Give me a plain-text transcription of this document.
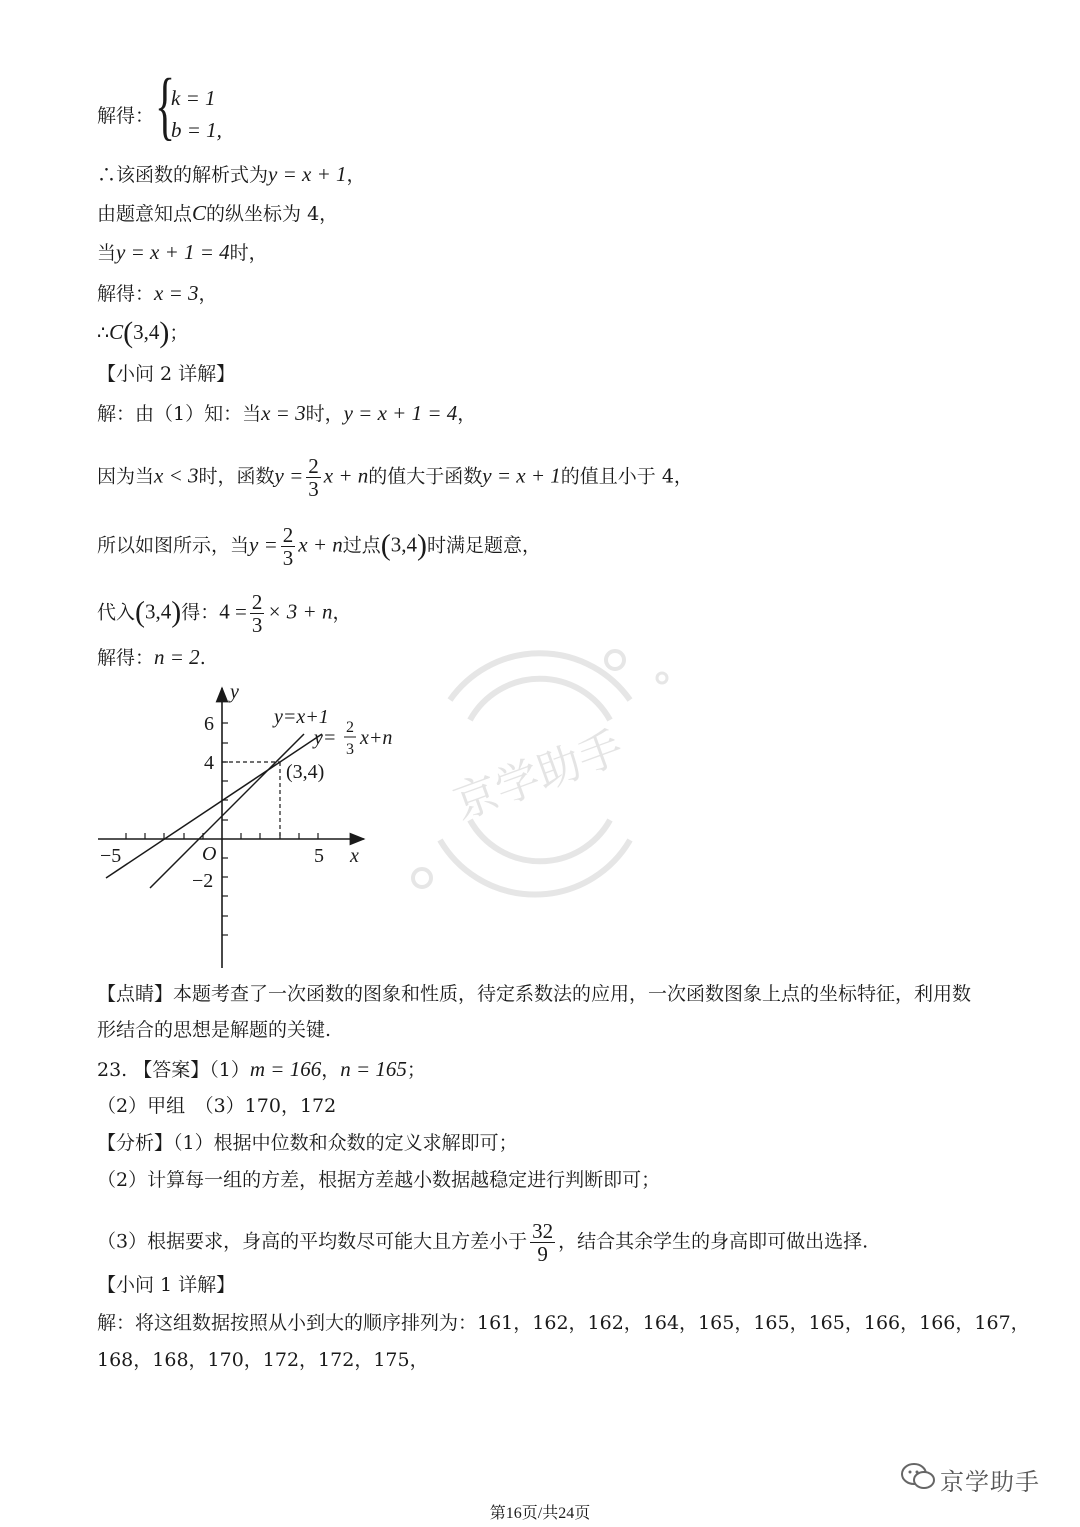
解得： {
k = 1
b = 1,
∴该函数的解析式为y = x + 1，
由题意知点C的纵坐标为 4，
当y = x + 1 = 4时，
解得：x = 3，
∴C(3,4)；
【小问 2 详解】
解：由（1）知：当x = 3时，y = x + 1 = 4，
因为当x < 3时，函数$y = \frac{2}{3}$ x + n的值大于函数y = x + 1的值且小于 4，
所以如图所示，当$y = \frac{2}{3}$ x + n过点(3,4)时满足题意，
代入(3,4)得：$4 = \frac{2}{3} \times 3 + n$，
解得：n = 2.
y
x
O
6
4
−2
−5	5
y=x+1
y= 2
3
x+n
(3,4)	京学助手
【点睛】本题考查了一次函数的图象和性质，待定系数法的应用，一次函数图象上点的坐标特征，利用数
形结合的思想是解题的关键.
23. 【答案】（1）m = 166，n = 165；
（2）甲组　（3）170，172
【分析】（1）根据中位数和众数的定义求解即可；
（2）计算每一组的方差，根据方差越小数据越稳定进行判断即可；
（3）根据要求，身高的平均数尽可能大且方差小于 $\frac{32}{9}$ ，结合其余学生的身高即可做出选择.
【小问 1 详解】
解：将这组数据按照从小到大的顺序排列为：161，162，162，164，165，165，165，166，166，167，
168，168，170，172，172，175，
京学助手
第16页/共24页
